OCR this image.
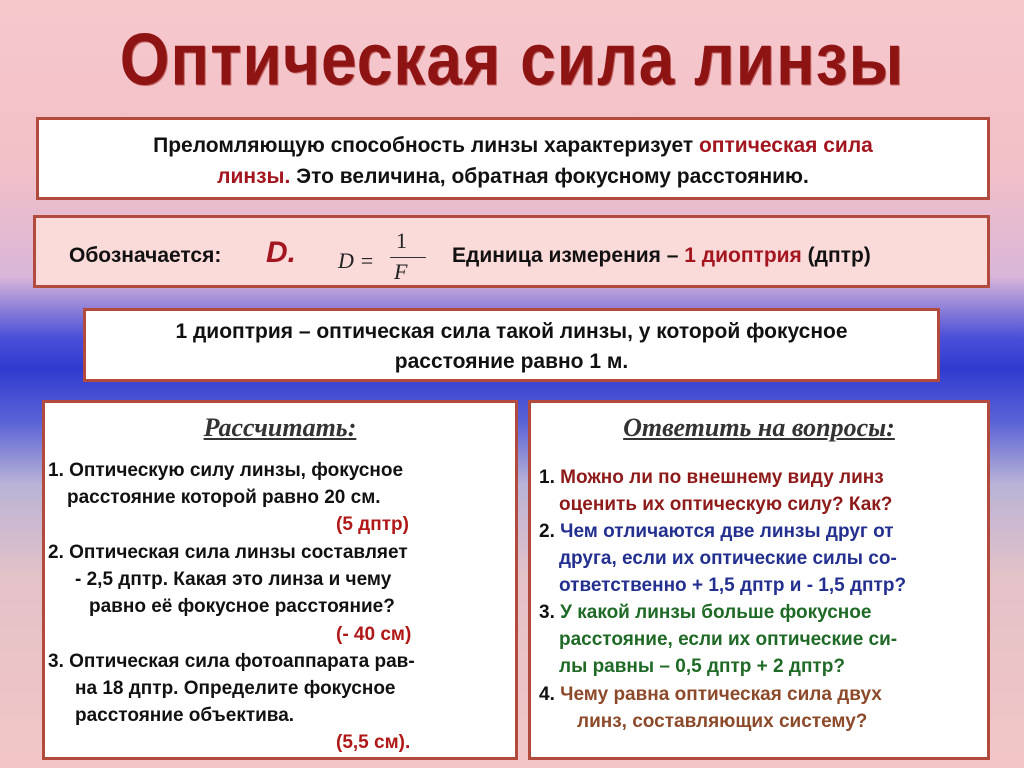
Оптическая сила линзы
Преломляющую способность линзы характеризует оптическая сила
линзы. Это величина, обратная фокусному расстоянию.
Обозначается: D. D =
1
F
Единица измерения – 1 диоптрия (дптр)
1 диоптрия – оптическая сила такой линзы, у которой фокусное
расстояние равно 1 м.
Рассчитать:
1. Оптическую силу линзы, фокусное
расстояние которой равно 20 см.
(5 дптр)
2. Оптическая сила линзы составляет
- 2,5 дптр. Какая это линза и чему
равно её фокусное расстояние?
(- 40 см)
3. Оптическая сила фотоаппарата рав-
на 18 дптр. Определите фокусное
расстояние объектива.
(5,5 см).
Ответить на вопросы:
1. Можно ли по внешнему виду линз
оценить их оптическую силу? Как?
2. Чем отличаются две линзы друг от
друга, если их оптические силы со-
ответственно + 1,5 дптр и - 1,5 дптр?
3. У какой линзы больше фокусное
расстояние, если их оптические си-
лы равны – 0,5 дптр + 2 дптр?
4. Чему равна оптическая сила двух
линз, составляющих систему?
